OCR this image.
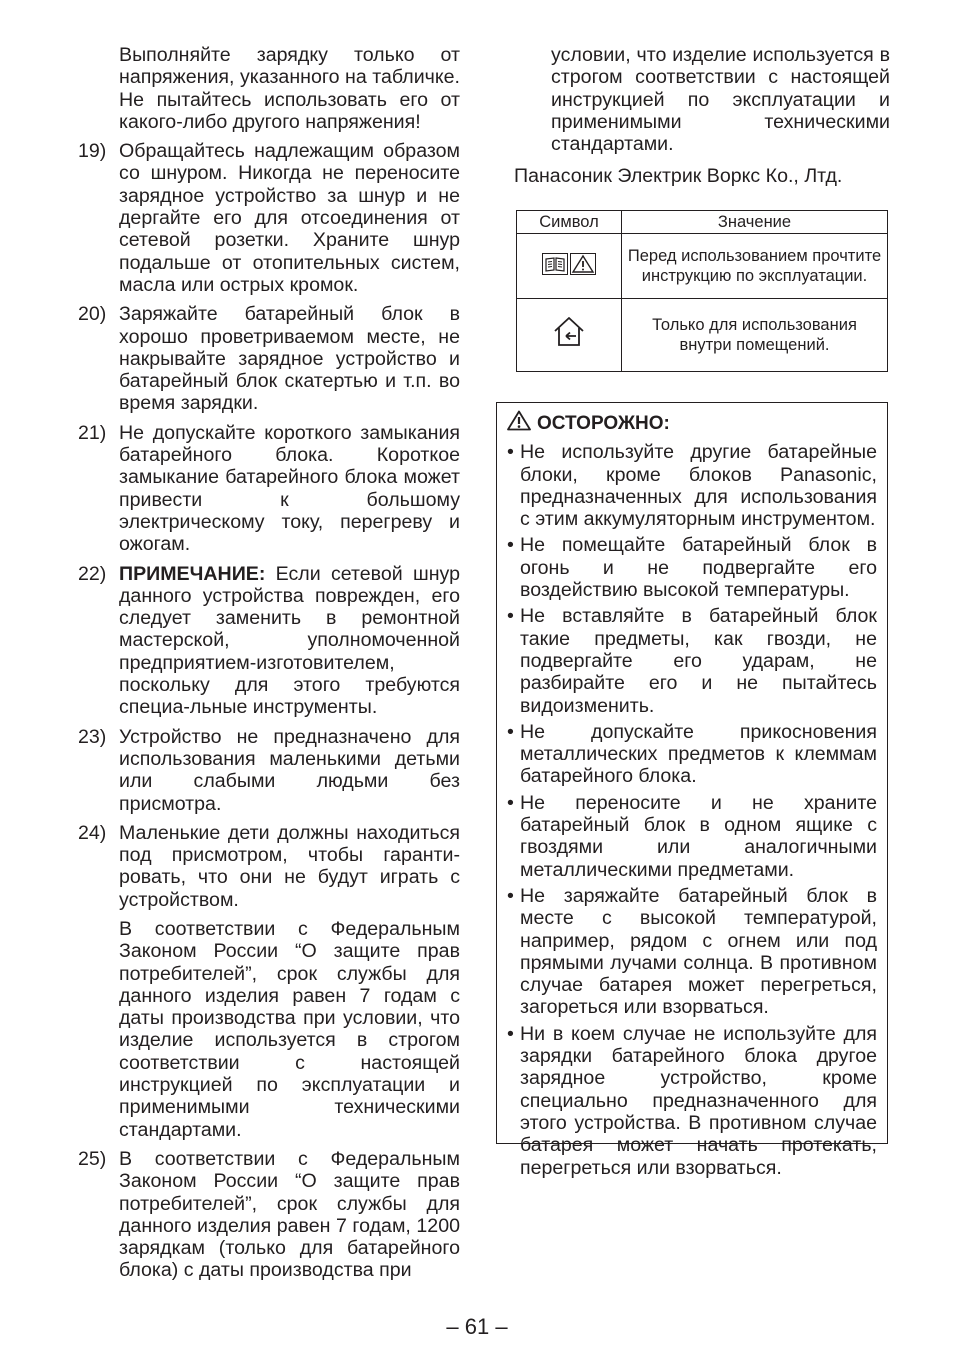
Выполняйте зарядку только от напряжения, указанного на табличке. Не пытайтесь использовать его от какого-либо другого напряжения!
19) Обращайтесь надлежащим образом со шнуром. Никогда не переносите зарядное устройство за шнур и не дергайте его для отсоединения от сетевой розетки. Храните шнур подальше от отопительных систем, масла или острых кромок.

20) Заряжайте батарейный блок в хорошо проветриваемом месте, не накрывайте зарядное устройство и батарейный блок скатертью и т.п. во время зарядки.

21) Не допускайте короткого замыкания батарейного блока. Короткое замыкание батарейного блока может привести к большому электрическому току, перегреву и ожогам.

22) ПРИМЕЧАНИЕ: Если сетевой шнур данного устройства поврежден, его следует заменить в ремонтной мастерской, уполномоченной предприятием-изготовителем, поскольку для этого требуются специа-льные инструменты.

23) Устройство не предназначено для использования маленькими детьми или слабыми людьми без присмотра.

24) Маленькие дети должны находиться под присмотром, чтобы гаранти-ровать, что они не будут играть с устройством.

В соответствии с Федеральным Законом России “О защите прав потребителей”, срок службы для данного изделия равен 7 годам с даты производства при условии, что изделие используется в строгом соответствии с настоящей инструкцией по эксплуатации и применимыми техническими стандартами.

25) В соответствии с Федеральным Законом России “О защите прав потребителей”, срок службы для данного изделия равен 7 годам, 1200 зарядкам (только для батарейного блока) с даты производства при

условии, что изделие используется в строгом соответствии с настоящей инструкцией по эксплуатации и применимыми техническими стандартами.
Панасоник Электрик Воркс Ко., Лтд.
Символ	Значение

	Перед использованием прочтите инструкцию по эксплуатации.
	Только для использования внутри помещений.
ОСТОРОЖНО:
• Не используйте другие батарейные блоки, кроме блоков Panasonic, предназначенных для использования с этим аккумуляторным инструментом.
• Не помещайте батарейный блок в огонь и не подвергайте его воздействию высокой температуры.
• Не вставляйте в батарейный блок такие предметы, как гвозди, не подвергайте его ударам, не разбирайте его и не пытайтесь видоизменить.
• Не допускайте прикосновения металлических предметов к клеммам батарейного блока.
• Не переносите и не храните батарейный блок в одном ящике с гвоздями или аналогичными металлическими предметами.
• Не заряжайте батарейный блок в месте с высокой температурой, например, рядом с огнем или под прямыми лучами солнца. В противном случае батарея может перегреться, загореться или взорваться.
• Ни в коем случае не используйте для зарядки батарейного блока другое зарядное устройство, кроме специально предназначенного для этого устройства. В противном случае батарея может начать протекать, перегреться или взорваться.
– 61 –
